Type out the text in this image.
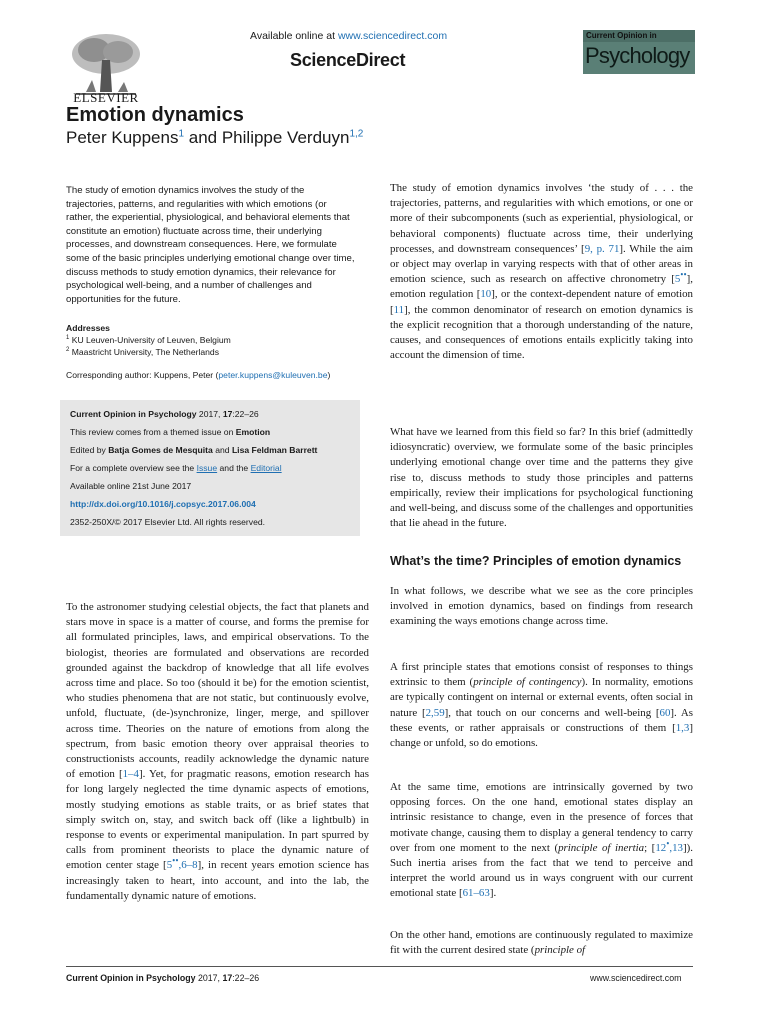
ELSEVIER
Available online at www.sciencedirect.com
ScienceDirect
Current Opinion in
Psychology
Emotion dynamics
Peter Kuppens$^1$ and Philippe Verduyn$^{1,2}$
The study of emotion dynamics involves the study of the trajectories, patterns, and regularities with which emotions (or rather, the experiential, physiological, and behavioral elements that constitute an emotion) fluctuate across time, their underlying processes, and downstream consequences. Here, we formulate some of the basic principles underlying emotional change over time, discuss methods to study emotion dynamics, their relevance for psychological well-being, and a number of challenges and opportunities for the future.
Addresses
$^1$ KU Leuven-University of Leuven, Belgium
$^2$ Maastricht University, The Netherlands
Corresponding author: Kuppens, Peter (peter.kuppens@kuleuven.be)
Current Opinion in Psychology 2017, 17:22–26
This review comes from a themed issue on Emotion
Edited by Batja Gomes de Mesquita and Lisa Feldman Barrett
For a complete overview see the Issue and the Editorial
Available online 21st June 2017
http://dx.doi.org/10.1016/j.copsyc.2017.06.004
2352-250X/© 2017 Elsevier Ltd. All rights reserved.
To the astronomer studying celestial objects, the fact that planets and stars move in space is a matter of course, and forms the premise for all formulated principles, laws, and empirical observations. To the biologist, theories are formulated and observations are recorded grounded against the backdrop of knowledge that all life evolves across time and place. So too (should it be) for the emotion scientist, who studies phenomena that are not static, but continuously evolve, unfold, fluctuate, (de-)synchronize, linger, merge, and spillover across time. Theories on the nature of emotions from along the spectrum, from basic emotion theory over appraisal theories to constructionists accounts, readily acknowledge the dynamic nature of emotion [1–4]. Yet, for pragmatic reasons, emotion research has for long largely neglected the time dynamic aspects of emotions, mostly studying emotions as stable traits, or as brief states that simply switch on, stay, and switch back off (like a lightbulb) in response to events or experimental manipulation. In part spurred by calls from prominent theorists to place the dynamic nature of emotion center stage [5••,6–8], in recent years emotion science has increasingly taken to heart, into account, and into the lab, the fundamentally dynamic nature of emotions.
The study of emotion dynamics involves ‘the study of . . . the trajectories, patterns, and regularities with which emotions, or one or more of their subcomponents (such as experiential, physiological, or behavioral components) fluctuate across time, their underlying processes, and downstream consequences’ [9, p. 71]. While the aim or object may overlap in varying respects with that of other areas in emotion science, such as research on affective chronometry [5••], emotion regulation [10], or the context-dependent nature of emotion [11], the common denominator of research on emotion dynamics is the explicit recognition that a thorough understanding of the nature, causes, and consequences of emotions entails explicitly taking into account the dimension of time.
What have we learned from this field so far? In this brief (admittedly idiosyncratic) overview, we formulate some of the basic principles underlying emotional change over time and the patterns they give rise to, discuss methods to study those principles and patterns empirically, review their implications for psychological functioning and well-being, and discuss some of the challenges and opportunities that lie ahead in the future.
What’s the time? Principles of emotion dynamics
In what follows, we describe what we see as the core principles involved in emotion dynamics, based on findings from research examining the ways emotions change across time.
A first principle states that emotions consist of responses to things extrinsic to them (principle of contingency). In normality, emotions are typically contingent on internal or external events, often social in nature [2,59], that touch on our concerns and well-being [60]. As these events, or rather appraisals or constructions of them [1,3] change or unfold, so do emotions.
At the same time, emotions are intrinsically governed by two opposing forces. On the one hand, emotional states display an intrinsic resistance to change, even in the presence of forces that motivate change, causing them to display a general tendency to carry over from one moment to the next (principle of inertia; [12•,13]). Such inertia arises from the fact that we tend to perceive and interpret the world around us in ways congruent with our current emotional state [61–63].
On the other hand, emotions are continuously regulated to maximize fit with the current desired state (principle of
Current Opinion in Psychology 2017, 17:22–26	www.sciencedirect.com
